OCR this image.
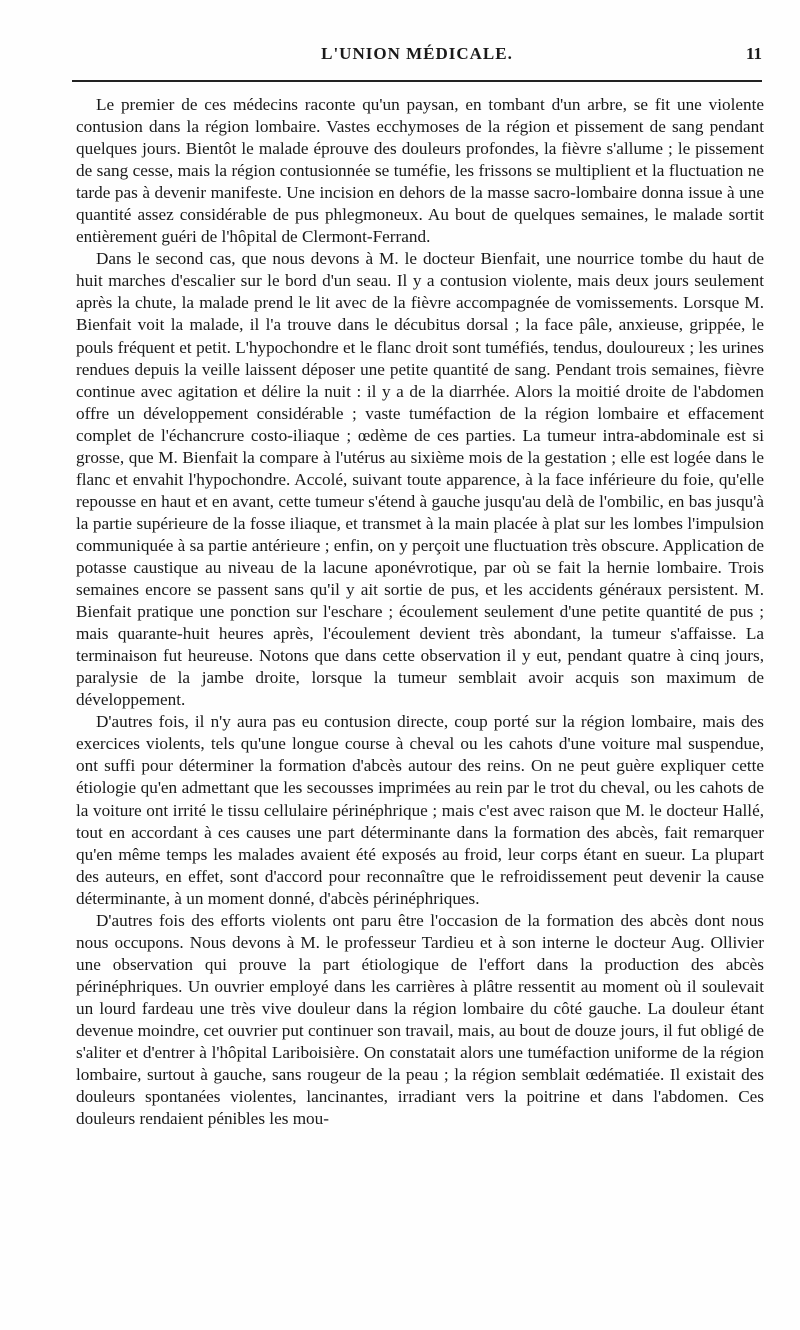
L'UNION MÉDICALE.	11

Le premier de ces médecins raconte qu'un paysan, en tombant d'un arbre, se fit une violente contusion dans la région lombaire. Vastes ecchymoses de la région et pissement de sang pendant quelques jours. Bientôt le malade éprouve des douleurs profondes, la fièvre s'allume ; le pissement de sang cesse, mais la région contusionnée se tuméfie, les frissons se multiplient et la fluctuation ne tarde pas à devenir manifeste. Une incision en dehors de la masse sacro-lombaire donna issue à une quantité assez considérable de pus phlegmoneux. Au bout de quelques semaines, le malade sortit entièrement guéri de l'hôpital de Clermont-Ferrand.

Dans le second cas, que nous devons à M. le docteur Bienfait, une nourrice tombe du haut de huit marches d'escalier sur le bord d'un seau. Il y a contusion violente, mais deux jours seulement après la chute, la malade prend le lit avec de la fièvre accompagnée de vomissements. Lorsque M. Bienfait voit la malade, il l'a trouve dans le décubitus dorsal ; la face pâle, anxieuse, grippée, le pouls fréquent et petit. L'hypochondre et le flanc droit sont tuméfiés, tendus, douloureux ; les urines rendues depuis la veille laissent déposer une petite quantité de sang. Pendant trois semaines, fièvre continue avec agitation et délire la nuit : il y a de la diarrhée. Alors la moitié droite de l'abdomen offre un développement considérable ; vaste tuméfaction de la région lombaire et effacement complet de l'échancrure costo-iliaque ; œdème de ces parties. La tumeur intra-abdominale est si grosse, que M. Bienfait la compare à l'utérus au sixième mois de la gestation ; elle est logée dans le flanc et envahit l'hypochondre. Accolé, suivant toute apparence, à la face inférieure du foie, qu'elle repousse en haut et en avant, cette tumeur s'étend à gauche jusqu'au delà de l'ombilic, en bas jusqu'à la partie supérieure de la fosse iliaque, et transmet à la main placée à plat sur les lombes l'impulsion communiquée à sa partie antérieure ; enfin, on y perçoit une fluctuation très obscure. Application de potasse caustique au niveau de la lacune aponévrotique, par où se fait la hernie lombaire. Trois semaines encore se passent sans qu'il y ait sortie de pus, et les accidents généraux persistent. M. Bienfait pratique une ponction sur l'eschare ; écoulement seulement d'une petite quantité de pus ; mais quarante-huit heures après, l'écoulement devient très abondant, la tumeur s'affaisse. La terminaison fut heureuse. Notons que dans cette observation il y eut, pendant quatre à cinq jours, paralysie de la jambe droite, lorsque la tumeur semblait avoir acquis son maximum de développement.

D'autres fois, il n'y aura pas eu contusion directe, coup porté sur la région lombaire, mais des exercices violents, tels qu'une longue course à cheval ou les cahots d'une voiture mal suspendue, ont suffi pour déterminer la formation d'abcès autour des reins. On ne peut guère expliquer cette étiologie qu'en admettant que les secousses imprimées au rein par le trot du cheval, ou les cahots de la voiture ont irrité le tissu cellulaire périnéphrique ; mais c'est avec raison que M. le docteur Hallé, tout en accordant à ces causes une part déterminante dans la formation des abcès, fait remarquer qu'en même temps les malades avaient été exposés au froid, leur corps étant en sueur. La plupart des auteurs, en effet, sont d'accord pour reconnaître que le refroidissement peut devenir la cause déterminante, à un moment donné, d'abcès périnéphriques.

D'autres fois des efforts violents ont paru être l'occasion de la formation des abcès dont nous nous occupons. Nous devons à M. le professeur Tardieu et à son interne le docteur Aug. Ollivier une observation qui prouve la part étiologique de l'effort dans la production des abcès périnéphriques. Un ouvrier employé dans les carrières à plâtre ressentit au moment où il soulevait un lourd fardeau une très vive douleur dans la région lombaire du côté gauche. La douleur étant devenue moindre, cet ouvrier put continuer son travail, mais, au bout de douze jours, il fut obligé de s'aliter et d'entrer à l'hôpital Lariboisière. On constatait alors une tuméfaction uniforme de la région lombaire, surtout à gauche, sans rougeur de la peau ; la région semblait œdématiée. Il existait des douleurs spontanées violentes, lancinantes, irradiant vers la poitrine et dans l'abdomen. Ces douleurs rendaient pénibles les mou-
